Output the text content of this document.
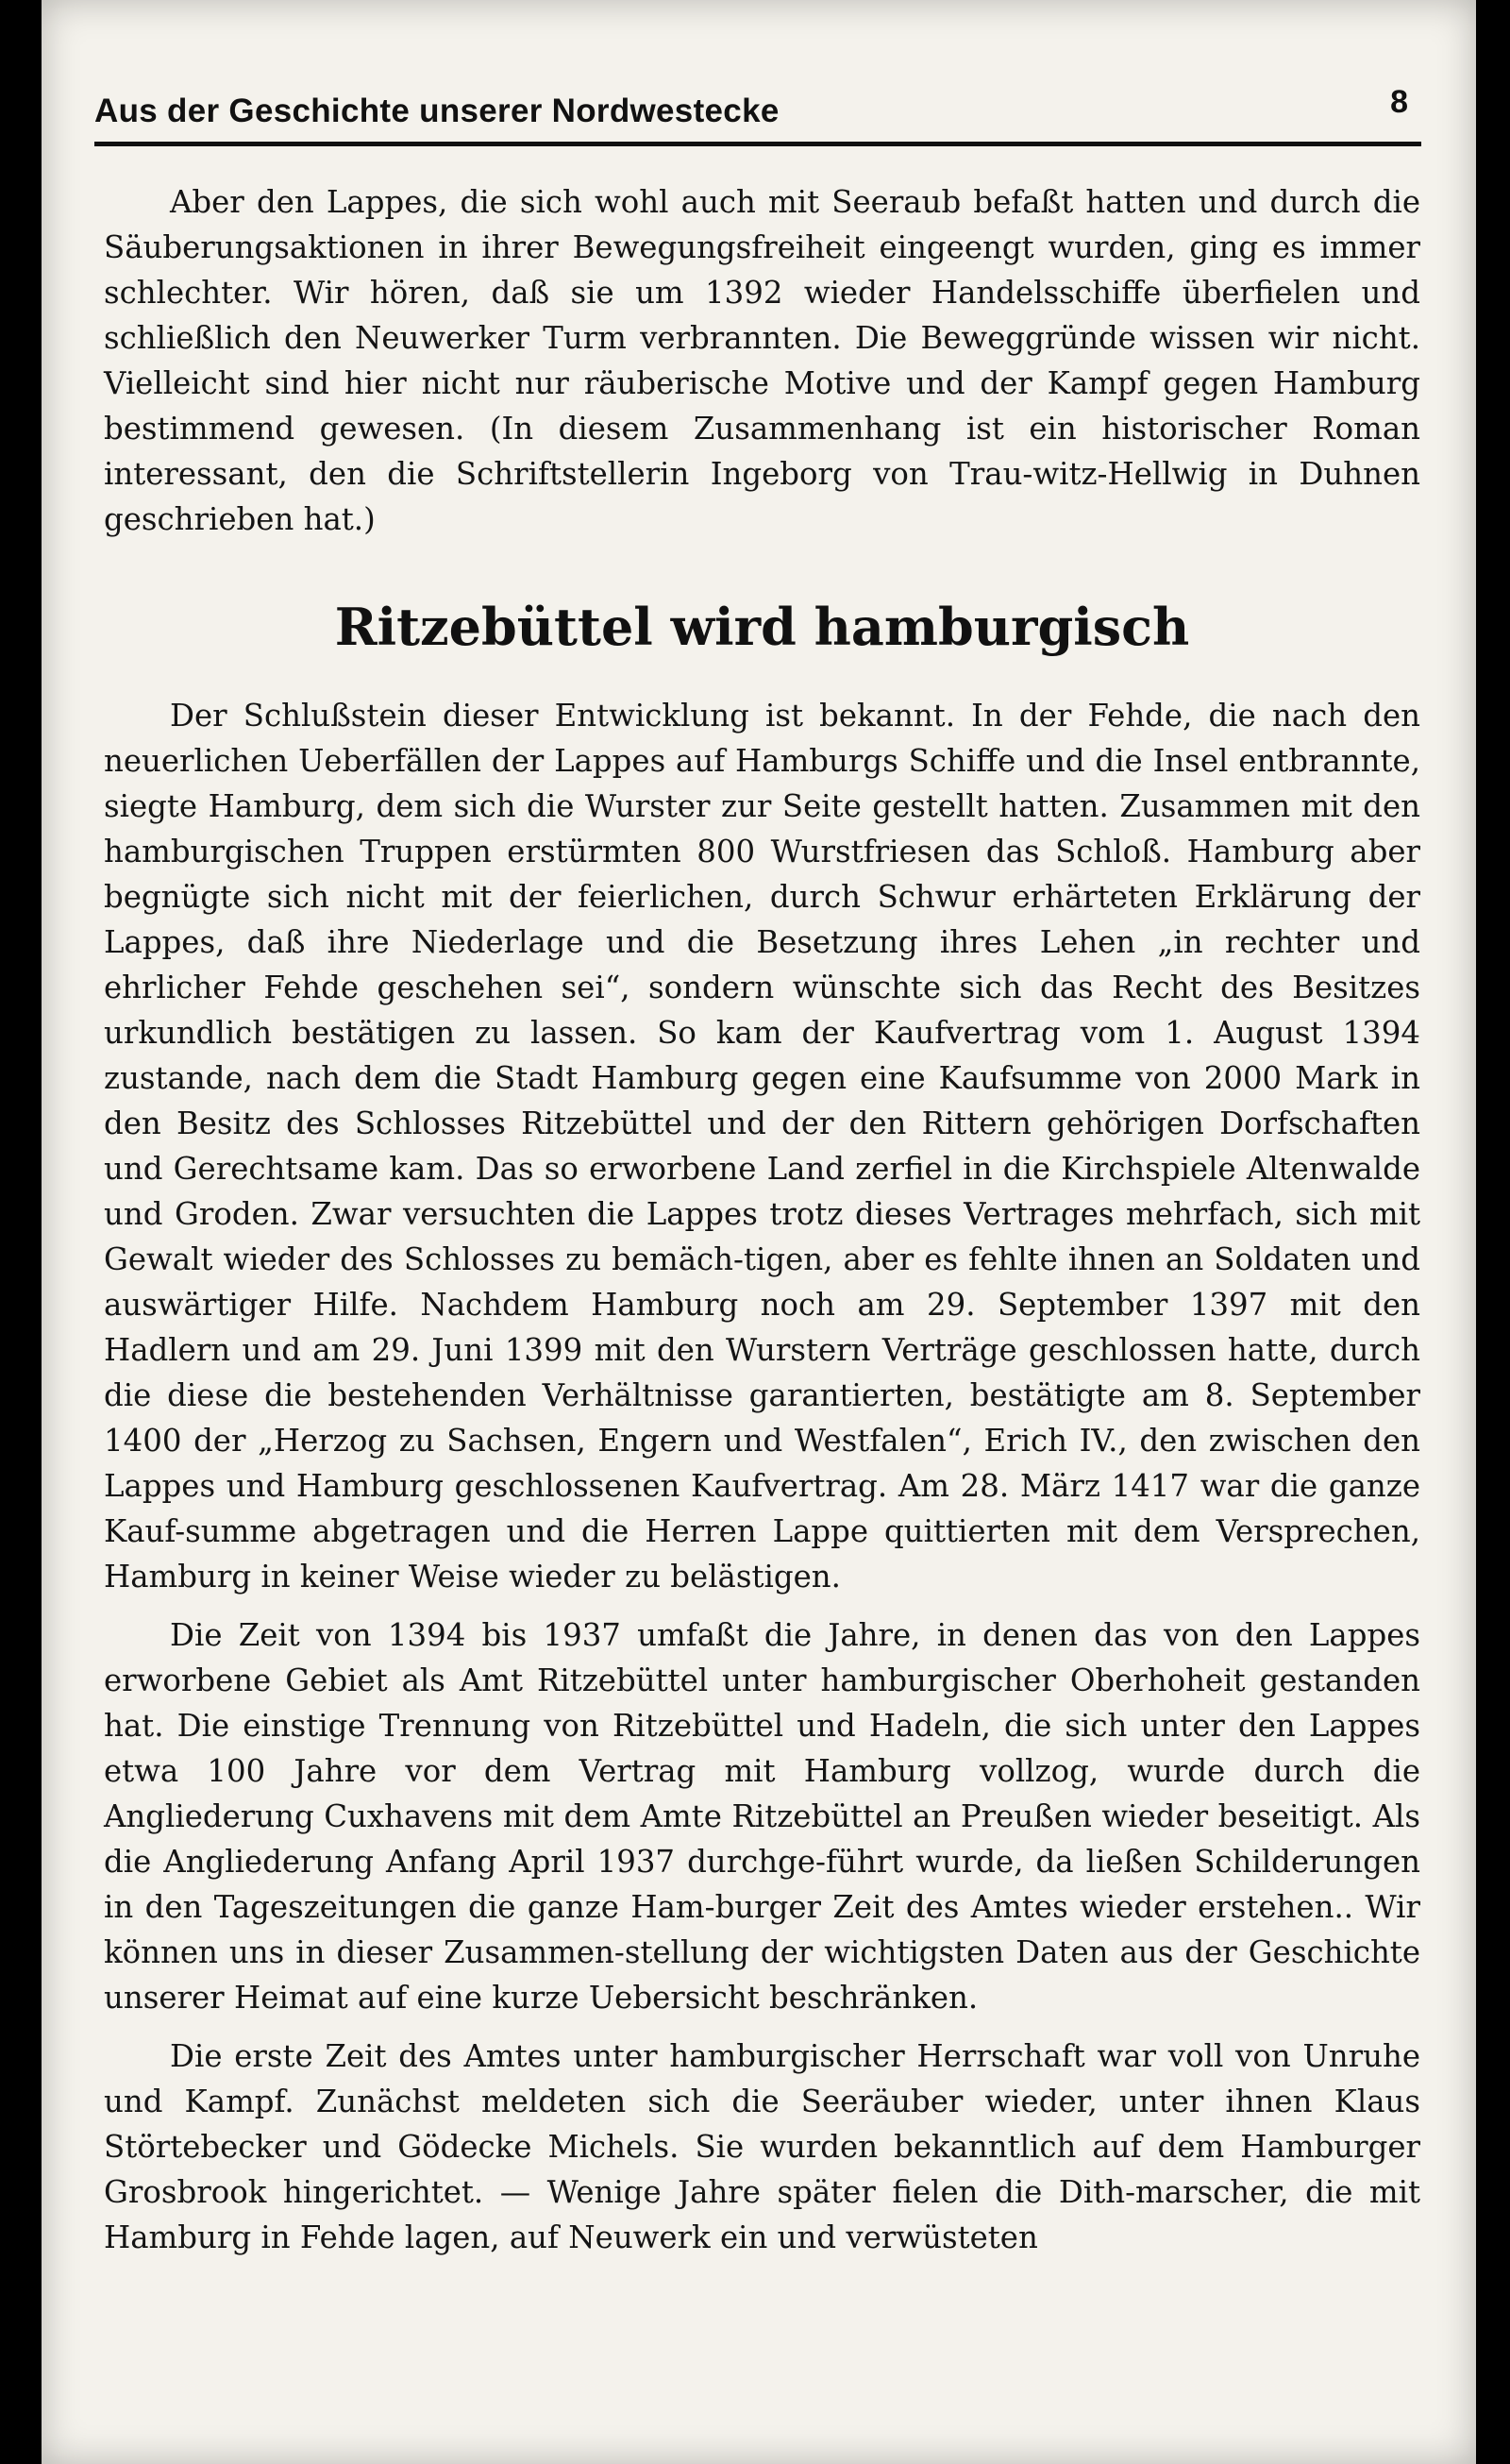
Aus der Geschichte unserer Nordwestecke	8

Aber den Lappes, die sich wohl auch mit Seeraub befaßt hatten und durch die Säuberungsaktionen in ihrer Bewegungsfreiheit eingeengt wurden, ging es immer schlechter. Wir hören, daß sie um 1392 wieder Handelsschiffe überfielen und schließlich den Neuwerker Turm verbrannten. Die Beweggründe wissen wir nicht. Vielleicht sind hier nicht nur räuberische Motive und der Kampf gegen Hamburg bestimmend gewesen. (In diesem Zusammenhang ist ein historischer Roman interessant, den die Schriftstellerin Ingeborg von Trau-witz-Hellwig in Duhnen geschrieben hat.)

Ritzebüttel wird hamburgisch

Der Schlußstein dieser Entwicklung ist bekannt. In der Fehde, die nach den neuerlichen Ueberfällen der Lappes auf Hamburgs Schiffe und die Insel entbrannte, siegte Hamburg, dem sich die Wurster zur Seite gestellt hatten. Zusammen mit den hamburgischen Truppen erstürmten 800 Wurstfriesen das Schloß. Hamburg aber begnügte sich nicht mit der feierlichen, durch Schwur erhärteten Erklärung der Lappes, daß ihre Niederlage und die Besetzung ihres Lehen „in rechter und ehrlicher Fehde geschehen sei“, sondern wünschte sich das Recht des Besitzes urkundlich bestätigen zu lassen. So kam der Kaufvertrag vom 1. August 1394 zustande, nach dem die Stadt Hamburg gegen eine Kaufsumme von 2000 Mark in den Besitz des Schlosses Ritzebüttel und der den Rittern gehörigen Dorfschaften und Gerechtsame kam. Das so erworbene Land zerfiel in die Kirchspiele Altenwalde und Groden. Zwar versuchten die Lappes trotz dieses Vertrages mehrfach, sich mit Gewalt wieder des Schlosses zu bemäch-tigen, aber es fehlte ihnen an Soldaten und auswärtiger Hilfe. Nachdem Hamburg noch am 29. September 1397 mit den Hadlern und am 29. Juni 1399 mit den Wurstern Verträge geschlossen hatte, durch die diese die bestehenden Verhältnisse garantierten, bestätigte am 8. September 1400 der „Herzog zu Sachsen, Engern und Westfalen“, Erich IV., den zwischen den Lappes und Hamburg geschlossenen Kaufvertrag. Am 28. März 1417 war die ganze Kauf-summe abgetragen und die Herren Lappe quittierten mit dem Versprechen, Hamburg in keiner Weise wieder zu belästigen.

Die Zeit von 1394 bis 1937 umfaßt die Jahre, in denen das von den Lappes erworbene Gebiet als Amt Ritzebüttel unter hamburgischer Oberhoheit gestanden hat. Die einstige Trennung von Ritzebüttel und Hadeln, die sich unter den Lappes etwa 100 Jahre vor dem Vertrag mit Hamburg vollzog, wurde durch die Angliederung Cuxhavens mit dem Amte Ritzebüttel an Preußen wieder beseitigt. Als die Angliederung Anfang April 1937 durchge-führt wurde, da ließen Schilderungen in den Tageszeitungen die ganze Ham-burger Zeit des Amtes wieder erstehen.. Wir können uns in dieser Zusammen-stellung der wichtigsten Daten aus der Geschichte unserer Heimat auf eine kurze Uebersicht beschränken.

Die erste Zeit des Amtes unter hamburgischer Herrschaft war voll von Unruhe und Kampf. Zunächst meldeten sich die Seeräuber wieder, unter ihnen Klaus Störtebecker und Gödecke Michels. Sie wurden bekanntlich auf dem Hamburger Grosbrook hingerichtet. — Wenige Jahre später fielen die Dith-marscher, die mit Hamburg in Fehde lagen, auf Neuwerk ein und verwüsteten
